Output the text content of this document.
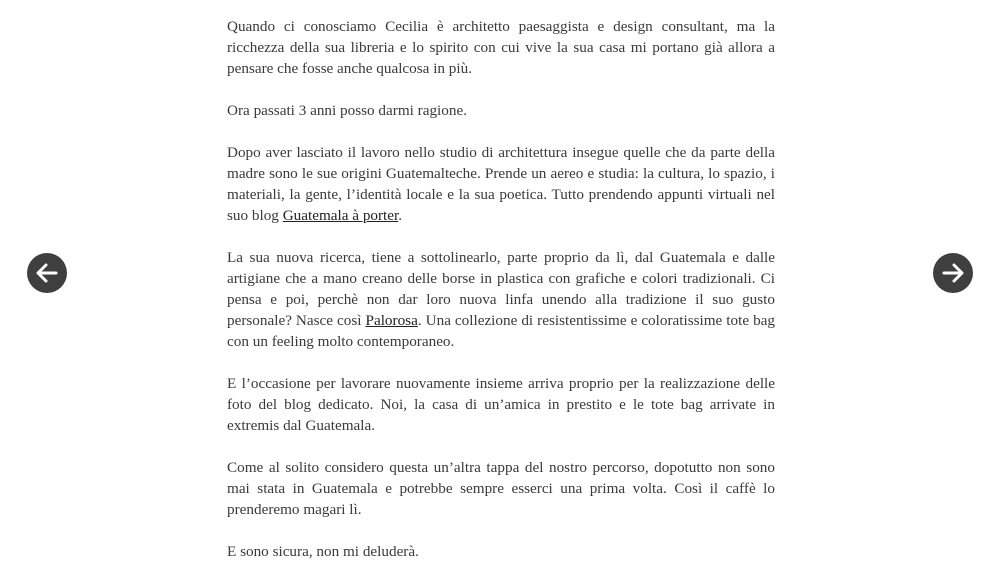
Quando ci conosciamo Cecilia è architetto paesaggista e design consultant, ma la ricchezza della sua libreria e lo spirito con cui vive la sua casa mi portano già allora a pensare che fosse anche qualcosa in più.

Ora passati 3 anni posso darmi ragione.

Dopo aver lasciato il lavoro nello studio di architettura insegue quelle che da parte della madre sono le sue origini Guatemalteche. Prende un aereo e studia: la cultura, lo spazio, i materiali, la gente, l’identità locale e la sua poetica. Tutto prendendo appunti virtuali nel suo blog Guatemala à porter.

La sua nuova ricerca, tiene a sottolinearlo, parte proprio da lì, dal Guatemala e dalle artigiane che a mano creano delle borse in plastica con grafiche e colori tradizionali. Ci pensa e poi, perchè non dar loro nuova linfa unendo alla tradizione il suo gusto personale? Nasce così Palorosa. Una collezione di resistentissime e coloratissime tote bag con un feeling molto contemporaneo.

E l’occasione per lavorare nuovamente insieme arriva proprio per la realizzazione delle foto del blog dedicato. Noi, la casa di un’amica in prestito e le tote bag arrivate in extremis dal Guatemala.

Come al solito considero questa un’altra tappa del nostro percorso, dopotutto non sono mai stata in Guatemala e potrebbe sempre esserci una prima volta. Così il caffè lo prenderemo magari lì.

E sono sicura, non mi deluderà.
